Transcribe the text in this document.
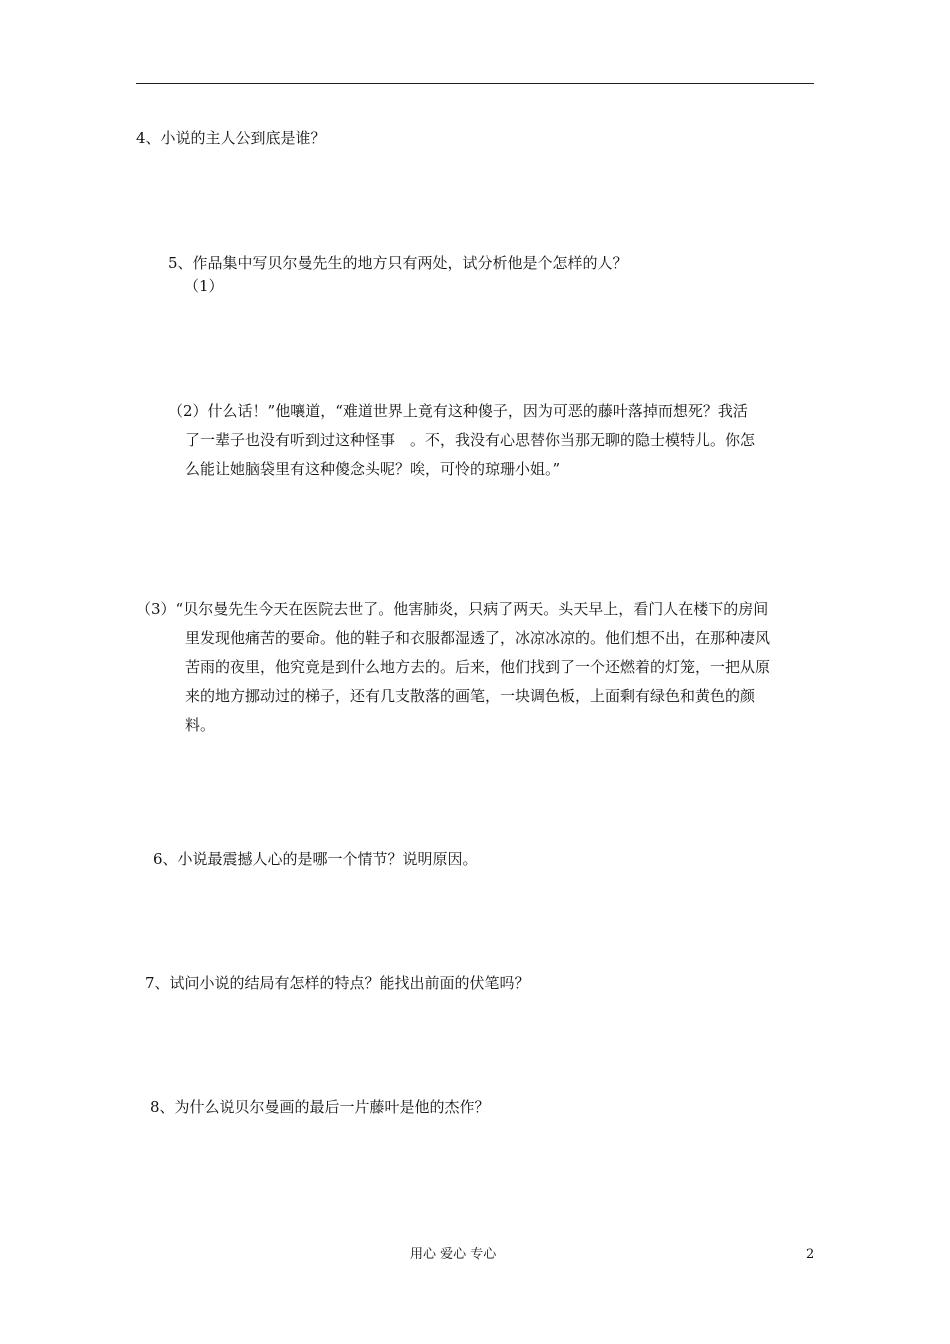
4、小说的主人公到底是谁？
5、作品集中写贝尔曼先生的地方只有两处，试分析他是个怎样的人？
（1）
（2）什么话！”他嚷道，“难道世界上竟有这种傻子，因为可恶的藤叶落掉而想死？我活
了一辈子也没有听到过这种怪事　。不，我没有心思替你当那无聊的隐士模特儿。你怎
么能让她脑袋里有这种傻念头呢？唉，可怜的琼珊小姐。”
（3）“贝尔曼先生今天在医院去世了。他害肺炎，只病了两天。头天早上，看门人在楼下的房间
里发现他痛苦的要命。他的鞋子和衣服都湿透了，冰凉冰凉的。他们想不出，在那种凄风
苦雨的夜里，他究竟是到什么地方去的。后来，他们找到了一个还燃着的灯笼，一把从原
来的地方挪动过的梯子，还有几支散落的画笔，一块调色板，上面剩有绿色和黄色的颜
料。
6、小说最震撼人心的是哪一个情节？说明原因。
7、试问小说的结局有怎样的特点？能找出前面的伏笔吗？
8、为什么说贝尔曼画的最后一片藤叶是他的杰作？
用心 爱心 专心	2
